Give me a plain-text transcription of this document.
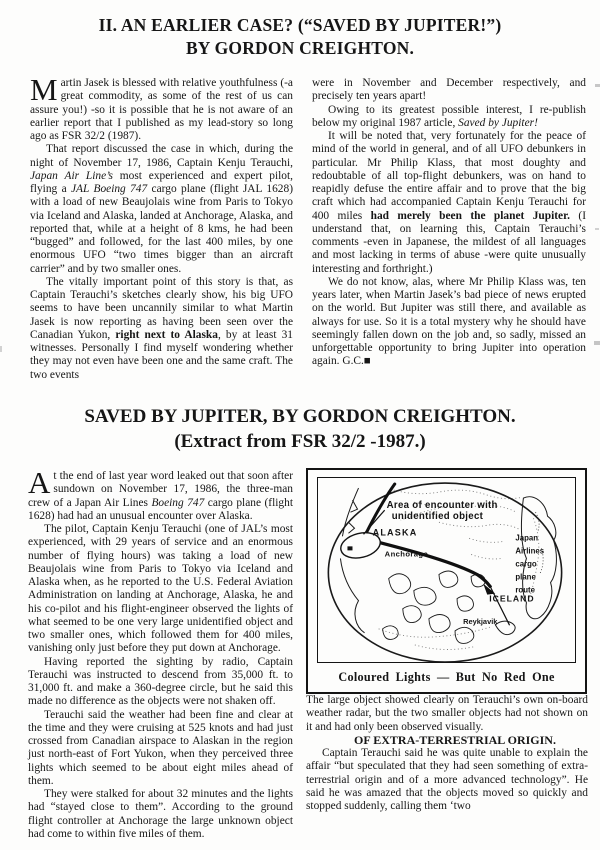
II. AN EARLIER CASE? (“SAVED BY JUPITER!”)
BY GORDON CREIGHTON.

Martin Jasek is blessed with relative youthfulness (-a great commodity, as some of the rest of us can assure you!) -so it is possible that he is not aware of an earlier report that I published as my lead-story so long ago as FSR 32/2 (1987).

That report discussed the case in which, during the night of November 17, 1986, Captain Kenju Terauchi, Japan Air Line’s most experienced and expert pilot, flying a JAL Boeing 747 cargo plane (flight JAL 1628) with a load of new Beaujolais wine from Paris to Tokyo via Iceland and Alaska, landed at Anchorage, Alaska, and reported that, while at a height of 8 kms, he had been “bugged” and followed, for the last 400 miles, by one enormous UFO “two times bigger than an aircraft carrier” and by two smaller ones.

The vitally important point of this story is that, as Captain Terauchi’s sketches clearly show, his big UFO seems to have been uncannily similar to what Martin Jasek is now reporting as having been seen over the Canadian Yukon, right next to Alaska, by at least 31 witnesses. Personally I find myself wondering whether they may not even have been one and the same craft. The two events

were in November and December respectively, and precisely ten years apart!

Owing to its greatest possible interest, I re-publish below my original 1987 article, Saved by Jupiter!

It will be noted that, very fortunately for the peace of mind of the world in general, and of all UFO debunkers in particular. Mr Philip Klass, that most doughty and redoubtable of all top-flight debunkers, was on hand to reapidly defuse the entire affair and to prove that the big craft which had accompanied Captain Kenju Terauchi for 400 miles had merely been the planet Jupiter. (I understand that, on learning this, Captain Terauchi’s comments -even in Japanese, the mildest of all languages and most lacking in terms of abuse -were quite unusually interesting and forthright.)

We do not know, alas, where Mr Philip Klass was, ten years later, when Martin Jasek’s bad piece of news erupted on the world. But Jupiter was still there, and available as always for use. So it is a total mystery why he should have seemingly fallen down on the job and, so sadly, missed an unforgettable opportunity to bring Jupiter into operation again. G.C.■

SAVED BY JUPITER, BY GORDON CREIGHTON.
(Extract from FSR 32/2 -1987.)

At the end of last year word leaked out that soon after sundown on November 17, 1986, the three-man crew of a Japan Air Lines Boeing 747 cargo plane (flight 1628) had had an unusual encounter over Alaska.

The pilot, Captain Kenju Terauchi (one of JAL’s most experienced, with 29 years of service and an enormous number of flying hours) was taking a load of new Beaujolais wine from Paris to Tokyo via Iceland and Alaska when, as he reported to the U.S. Federal Aviation Administration on landing at Anchorage, Alaska, he and his co-pilot and his flight-engineer observed the lights of what seemed to be one very large unidentified object and two smaller ones, which followed them for 400 miles, vanishing only just before they put down at Anchorage.

Having reported the sighting by radio, Captain Terauchi was instructed to descend from 35,000 ft. to 31,000 ft. and make a 360-degree circle, but he said this made no difference as the objects were not shaken off.

Terauchi said the weather had been fine and clear at the time and they were cruising at 525 knots and had just crossed from Canadian airspace to Alaskan in the region just north-east of Fort Yukon, when they perceived three lights which seemed to be about eight miles ahead of them.

They were stalked for about 32 minutes and the lights had “stayed close to them”. According to the ground flight controller at Anchorage the large unknown object had come to within five miles of them.

Area of encounter with
unidentified object
ALASKA
Anchorage
Japan
Airlines
cargo
plane
route
ICELAND
Reykjavik
Coloured Lights — But No Red One

The large object showed clearly on Terauchi’s own on-board weather radar, but the two smaller objects had not shown on it and had only been observed visually.

OF EXTRA-TERRESTRIAL ORIGIN.

Captain Terauchi said he was quite unable to explain the affair “but speculated that they had seen something of extra-terrestrial origin and of a more advanced technology”. He said he was amazed that the objects moved so quickly and stopped suddenly, calling them ‘two
